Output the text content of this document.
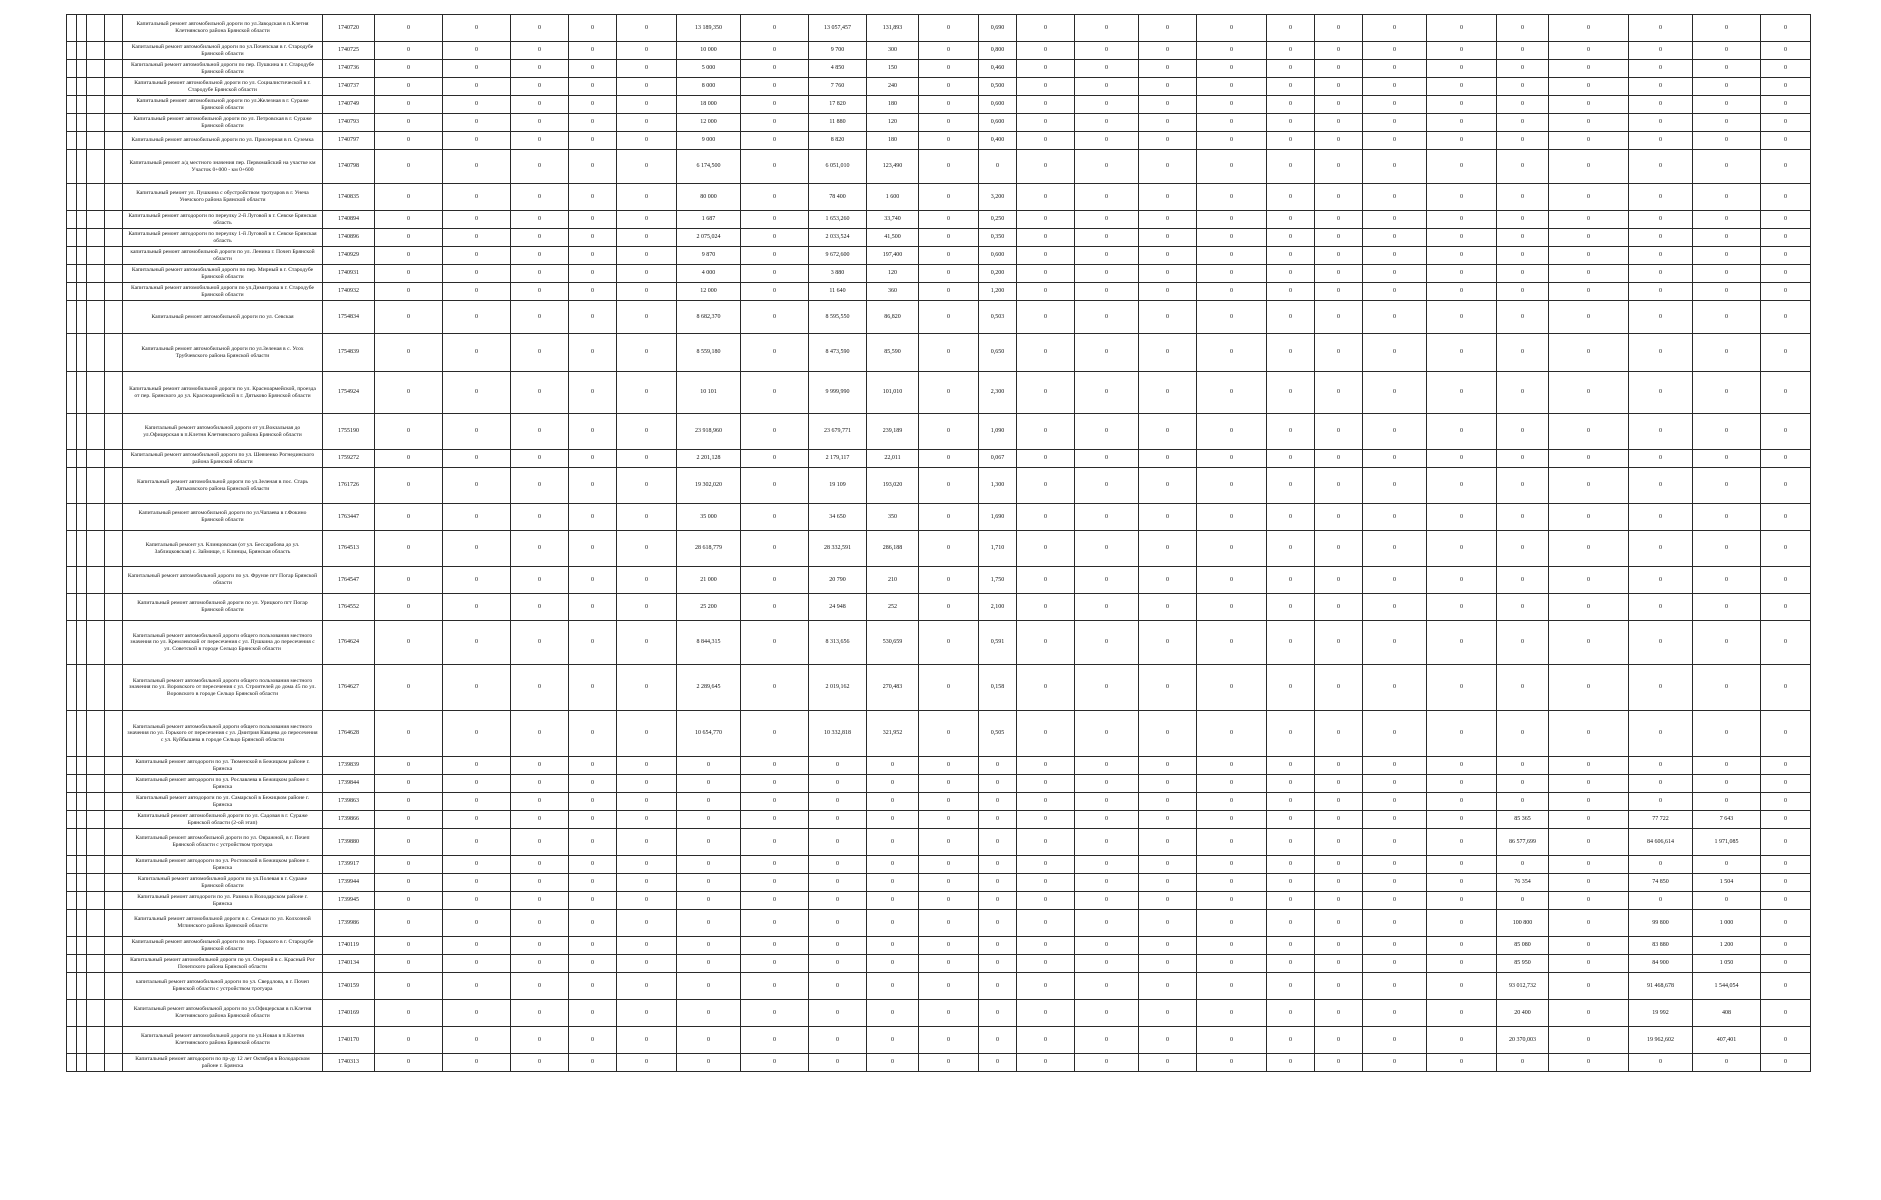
				Капитальный ремонт автомобильной дороги по ул.Заводская в п.Клетня Клетнянского района Брянской области	1740720	0	0	0	0	0	13 189,350	0	13 057,457	131,893	0	0,690	0	0	0	0	0	0	0	0	0	0	0	0	0
				Капитальный ремонт автомобильной дороги по ул.Почепская в г. Стародубе Брянской области	1740725	0	0	0	0	0	10 000	0	9 700	300	0	0,800	0	0	0	0	0	0	0	0	0	0	0	0	0
				Капитальный ремонт автомобильной дороги по пер. Пушкина в г. Стародубе Брянской области	1740736	0	0	0	0	0	5 000	0	4 850	150	0	0,460	0	0	0	0	0	0	0	0	0	0	0	0	0
				Капитальный ремонт автомобильной дороги по ул. Социалистической в г. Стародубе Брянской области	1740737	0	0	0	0	0	8 000	0	7 760	240	0	0,500	0	0	0	0	0	0	0	0	0	0	0	0	0
				Капитальный ремонт автомобильной дороги по ул.Железная в г. Сураже Брянской области	1740749	0	0	0	0	0	18 000	0	17 820	180	0	0,600	0	0	0	0	0	0	0	0	0	0	0	0	0
				Капитальный ремонт автомобильной дороги по ул. Петровская в г. Сураже Брянской области	1740793	0	0	0	0	0	12 000	0	11 880	120	0	0,600	0	0	0	0	0	0	0	0	0	0	0	0	0
				Капитальный ремонт автомобильной дороги по ул. Приозерная в п. Суземка	1740797	0	0	0	0	0	9 000	0	8 820	180	0	0,400	0	0	0	0	0	0	0	0	0	0	0	0	0
				Капитальный ремонт а/д местного значения пер. Первомайский на участке км Участок 0+000 - км 0+600	1740798	0	0	0	0	0	6 174,500	0	6 051,010	123,490	0	0	0	0	0	0	0	0	0	0	0	0	0	0	0
				Капитальный ремонт ул. Пушкина с обустройством тротуаров в г. Унеча Унечского района Брянской области	1740835	0	0	0	0	0	80 000	0	78 400	1 600	0	3,200	0	0	0	0	0	0	0	0	0	0	0	0	0
				Капитальный ремонт автодороги по переулку 2-й Луговой в г. Севске Брянская область	1740894	0	0	0	0	0	1 687	0	1 653,260	33,740	0	0,250	0	0	0	0	0	0	0	0	0	0	0	0	0
				Капитальный ремонт автодороги по переулку 1-й Луговой в г. Севске Брянская область	1740896	0	0	0	0	0	2 075,024	0	2 033,524	41,500	0	0,350	0	0	0	0	0	0	0	0	0	0	0	0	0
				капитальный ремонт автомобильной дороги по ул. Ленина г. Почеп Брянской области	1740929	0	0	0	0	0	9 870	0	9 672,600	197,400	0	0,600	0	0	0	0	0	0	0	0	0	0	0	0	0
				Капитальный ремонт автомобильной дороги по пер. Мирный в г. Стародубе Брянской области	1740931	0	0	0	0	0	4 000	0	3 880	120	0	0,200	0	0	0	0	0	0	0	0	0	0	0	0	0
				Капитальный ремонт автомобильной дороги по ул.Димитрова в г. Стародубе Брянской области	1740932	0	0	0	0	0	12 000	0	11 640	360	0	1,200	0	0	0	0	0	0	0	0	0	0	0	0	0
				Капитальный ремонт автомобильной дороги по ул. Севская	1754834	0	0	0	0	0	8 682,370	0	8 595,550	86,820	0	0,503	0	0	0	0	0	0	0	0	0	0	0	0	0
				Капитальный ремонт автомобильной дороги по ул.Зеленая в с. Усох Трубчевского района Брянской области	1754839	0	0	0	0	0	8 559,180	0	8 473,590	85,590	0	0,650	0	0	0	0	0	0	0	0	0	0	0	0	0
				Капитальный ремонт автомобильной дороги по ул. Красноармейской, проезда от пер. Брянского до ул. Красноармейской в г. Дятьково Брянской области	1754924	0	0	0	0	0	10 101	0	9 999,990	101,010	0	2,300	0	0	0	0	0	0	0	0	0	0	0	0	0
				Капитальный ремонт автомобильной дороги от ул.Вокзальная до ул.Офицерская в п.Клетня Клетнянского района Брянской области	1755190	0	0	0	0	0	23 918,960	0	23 679,771	239,189	0	1,090	0	0	0	0	0	0	0	0	0	0	0	0	0
				Капитальный ремонт автомобильной дороги по ул. Шевченко Рогнединского района Брянской области	1759272	0	0	0	0	0	2 201,128	0	2 179,117	22,011	0	0,067	0	0	0	0	0	0	0	0	0	0	0	0	0
				Капитальный ремонт автомобильной дороги по ул.Зеленая в пос. Старь Дятьковского района Брянской области	1761726	0	0	0	0	0	19 302,020	0	19 109	193,020	0	1,300	0	0	0	0	0	0	0	0	0	0	0	0	0
				Капитальный ремонт автомобильной дороги по ул.Чапаева в г.Фокино Брянской области	1763447	0	0	0	0	0	35 000	0	34 650	350	0	1,690	0	0	0	0	0	0	0	0	0	0	0	0	0
				Капитальный ремонт ул. Клинцовская (от ул. Бессарабова до ул. Заблицковская) с. Займище, г. Клинцы, Брянская область	1764513	0	0	0	0	0	28 618,779	0	28 332,591	286,188	0	1,710	0	0	0	0	0	0	0	0	0	0	0	0	0
				Капитальный ремонт автомобильной дороги по ул. Фрунзе пгт Погар Брянской области	1764547	0	0	0	0	0	21 000	0	20 790	210	0	1,750	0	0	0	0	0	0	0	0	0	0	0	0	0
				Капитальный ремонт автомобильной дороги по ул. Урицкого пгт Погар Брянской области	1764552	0	0	0	0	0	25 200	0	24 948	252	0	2,100	0	0	0	0	0	0	0	0	0	0	0	0	0
				Капитальный ремонт автомобильной дороги общего пользования местного значения по ул. Кремлевской от пересечения с ул. Пушкина до пересечения с ул. Советской в городе Сельцо Брянской области	1764624	0	0	0	0	0	8 844,315	0	8 313,656	530,659	0	0,591	0	0	0	0	0	0	0	0	0	0	0	0	0
				Капитальный ремонт автомобильной дороги общего пользования местного значения по ул. Воровского от пересечения с ул. Строителей до дома 45 по ул. Воровского в городе Сельцо Брянской области	1764627	0	0	0	0	0	2 289,645	0	2 019,162	270,483	0	0,158	0	0	0	0	0	0	0	0	0	0	0	0	0
				Капитальный ремонт автомобильной дороги общего пользования местного значения по ул. Горького от пересечения с ул. Дмитрия Кавцева до пересечения с ул. Куйбышева в городе Сельцо Брянской области	1764628	0	0	0	0	0	10 654,770	0	10 332,818	321,952	0	0,505	0	0	0	0	0	0	0	0	0	0	0	0	0
				Капитальный ремонт автодороги по ул. Тюменской в Бежицком районе г. Брянска	1739839	0	0	0	0	0	0	0	0	0	0	0	0	0	0	0	0	0	0	0	0	0	0	0	0
				Капитальный ремонт автодороги по ул. Рославлева в Бежицком районе г. Брянска	1739844	0	0	0	0	0	0	0	0	0	0	0	0	0	0	0	0	0	0	0	0	0	0	0	0
				Капитальный ремонт автодороги по ул. Самарской в Бежицком районе г. Брянска	1739863	0	0	0	0	0	0	0	0	0	0	0	0	0	0	0	0	0	0	0	0	0	0	0	0
				Капитальный ремонт автомобильной дороги по ул. Садовая в г. Сураже Брянской области (2-ой этап)	1739866	0	0	0	0	0	0	0	0	0	0	0	0	0	0	0	0	0	0	0	85 365	0	77 722	7 643	0
				Капитальный ремонт автомобильной дороги по ул. Овражной, в г. Почеп Брянской области с устройством тротуара	1739880	0	0	0	0	0	0	0	0	0	0	0	0	0	0	0	0	0	0	0	86 577,699	0	84 606,614	1 971,085	0
				Капитальный ремонт автодороги по ул. Ростовской в Бежицком районе г. Брянска	1739917	0	0	0	0	0	0	0	0	0	0	0	0	0	0	0	0	0	0	0	0	0	0	0	0
				Капитальный ремонт автомобильной дороги по ул.Полевая в г. Сураже Брянской области	1739944	0	0	0	0	0	0	0	0	0	0	0	0	0	0	0	0	0	0	0	76 354	0	74 850	1 504	0
				Капитальный ремонт автодороги по ул. Разина в Володарском районе г. Брянска	1739945	0	0	0	0	0	0	0	0	0	0	0	0	0	0	0	0	0	0	0	0	0	0	0	0
				Капитальный ремонт автомобильной дороги в с. Сеньки по ул. Колхозной Мглинского района Брянской области	1739986	0	0	0	0	0	0	0	0	0	0	0	0	0	0	0	0	0	0	0	100 800	0	99 800	1 000	0
				Капитальный ремонт автомобильной дороги по пер. Горького в г. Стародубе Брянской области	1740119	0	0	0	0	0	0	0	0	0	0	0	0	0	0	0	0	0	0	0	85 080	0	83 880	1 200	0
				Капитальный ремонт автомобильной дороги по ул. Озерной в с. Красный Рог Почепского района Брянской области	1740134	0	0	0	0	0	0	0	0	0	0	0	0	0	0	0	0	0	0	0	85 950	0	84 900	1 050	0
				капитальный ремонт автомобильной дороги по ул. Свердлова, в г. Почеп Брянской области с устройством тротуара	1740159	0	0	0	0	0	0	0	0	0	0	0	0	0	0	0	0	0	0	0	93 012,732	0	91 468,678	1 544,054	0
				Капитальный ремонт автомобильной дороги по ул.Офицерская в п.Клетня Клетнянского района Брянской области	1740169	0	0	0	0	0	0	0	0	0	0	0	0	0	0	0	0	0	0	0	20 400	0	19 992	408	0
				Капитальный ремонт автомобильной дороги по ул.Новая в п.Клетня Клетнянского района Брянской области	1740170	0	0	0	0	0	0	0	0	0	0	0	0	0	0	0	0	0	0	0	20 370,003	0	19 962,602	407,401	0
				Капитальный ремонт автодороги по пр-ду 12 лет Октября в Володарском районе г. Брянска	1740313	0	0	0	0	0	0	0	0	0	0	0	0	0	0	0	0	0	0	0	0	0	0	0	0
